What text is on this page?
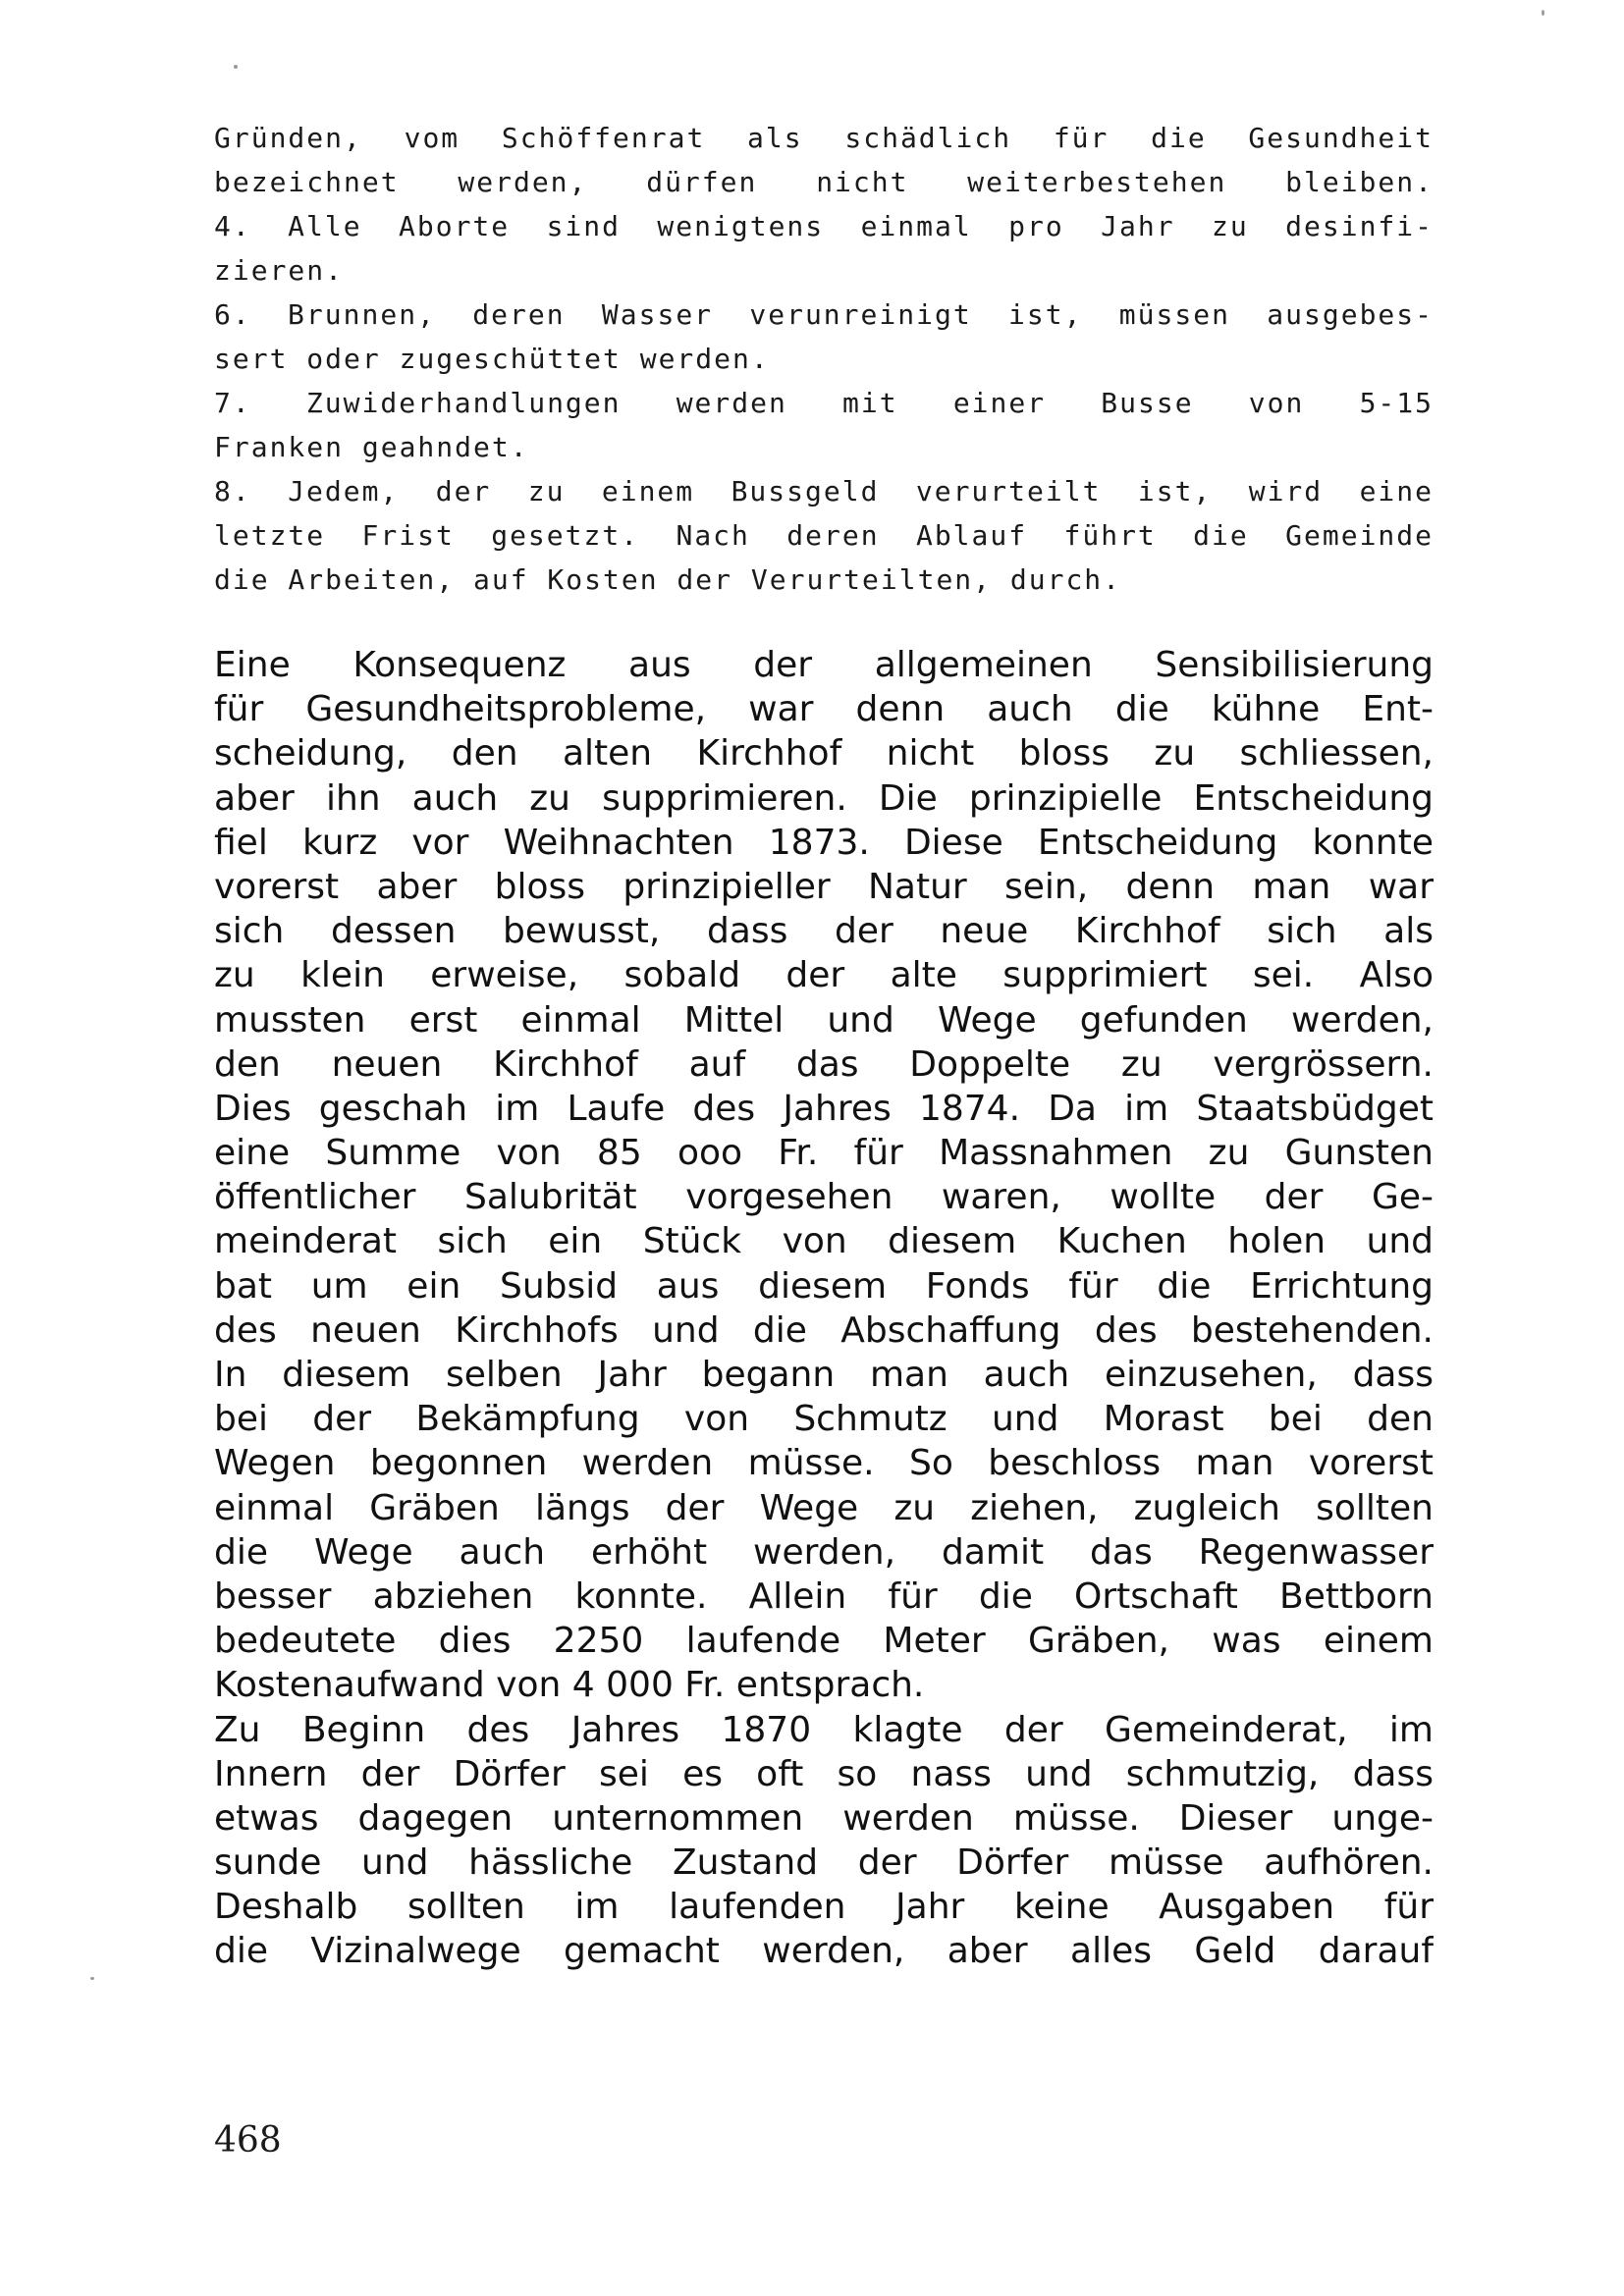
Gründen, vom Schöffenrat als schädlich für die Gesundheit
bezeichnet werden, dürfen nicht weiterbestehen bleiben.
4. Alle Aborte sind wenigtens einmal pro Jahr zu desinfi-
zieren.
6. Brunnen, deren Wasser verunreinigt ist, müssen ausgebes-
sert oder zugeschüttet werden.
7. Zuwiderhandlungen werden mit einer Busse von 5-15
Franken geahndet.
8. Jedem, der zu einem Bussgeld verurteilt ist, wird eine
letzte Frist gesetzt. Nach deren Ablauf führt die Gemeinde
die Arbeiten, auf Kosten der Verurteilten, durch.
Eine Konsequenz aus der allgemeinen Sensibilisierung
für Gesundheitsprobleme, war denn auch die kühne Ent-
scheidung, den alten Kirchhof nicht bloss zu schliessen,
aber ihn auch zu supprimieren. Die prinzipielle Entscheidung
fiel kurz vor Weihnachten 1873. Diese Entscheidung konnte
vorerst aber bloss prinzipieller Natur sein, denn man war
sich dessen bewusst, dass der neue Kirchhof sich als
zu klein erweise, sobald der alte supprimiert sei. Also
mussten erst einmal Mittel und Wege gefunden werden,
den neuen Kirchhof auf das Doppelte zu vergrössern.
Dies geschah im Laufe des Jahres 1874. Da im Staatsbüdget
eine Summe von 85 ooo Fr. für Massnahmen zu Gunsten
öffentlicher Salubrität vorgesehen waren, wollte der Ge-
meinderat sich ein Stück von diesem Kuchen holen und
bat um ein Subsid aus diesem Fonds für die Errichtung
des neuen Kirchhofs und die Abschaffung des bestehenden.
In diesem selben Jahr begann man auch einzusehen, dass
bei der Bekämpfung von Schmutz und Morast bei den
Wegen begonnen werden müsse. So beschloss man vorerst
einmal Gräben längs der Wege zu ziehen, zugleich sollten
die Wege auch erhöht werden, damit das Regenwasser
besser abziehen konnte. Allein für die Ortschaft Bettborn
bedeutete dies 2250 laufende Meter Gräben, was einem
Kostenaufwand von 4 000 Fr. entsprach.
Zu Beginn des Jahres 1870 klagte der Gemeinderat, im
Innern der Dörfer sei es oft so nass und schmutzig, dass
etwas dagegen unternommen werden müsse. Dieser unge-
sunde und hässliche Zustand der Dörfer müsse aufhören.
Deshalb sollten im laufenden Jahr keine Ausgaben für
die Vizinalwege gemacht werden, aber alles Geld darauf
468
